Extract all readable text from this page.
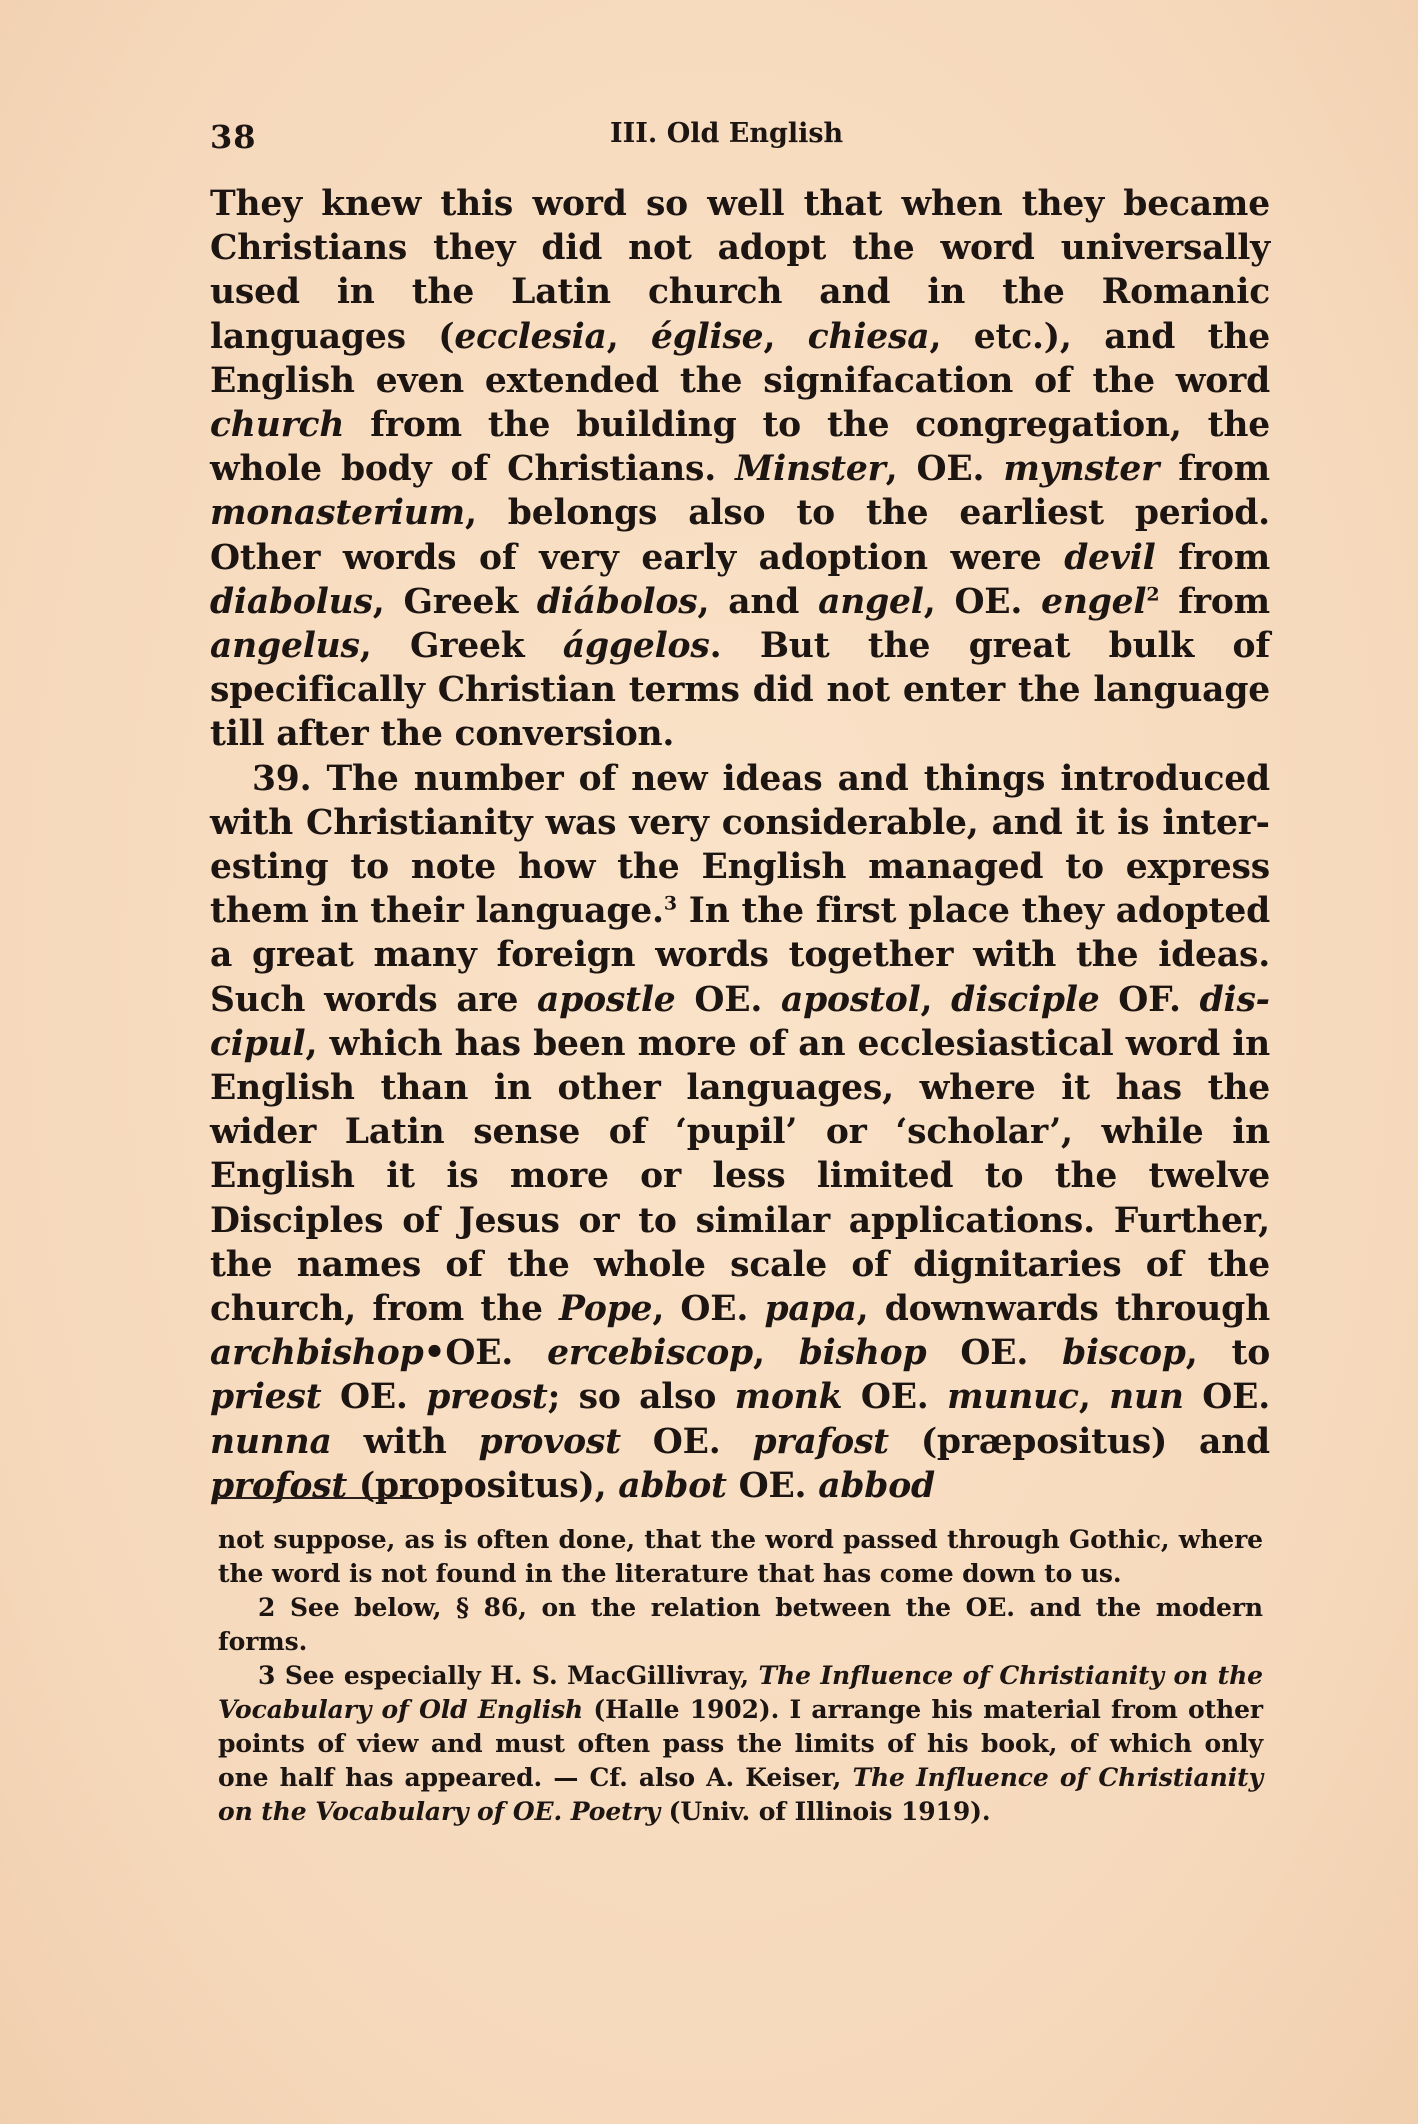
38	III. Old English

They knew this word so well that when they became Christians they did not adopt the word universally used in the Latin church and in the Romanic languages (ecclesia, église, chiesa, etc.), and the English even extended the signifacation of the word church from the building to the congregation, the whole body of Christians. Minster, OE. mynster from monasterium, belongs also to the earliest period. Other words of very early adoption were devil from diabolus, Greek diábolos, and angel, OE. engel$^2$ from angelus, Greek ággelos. But the great bulk of specifically Christian terms did not enter the language till after the conversion.

39. The number of new ideas and things introduced with Christianity was very considerable, and it is interesting to note how the English managed to express them in their language.$^3$ In the first place they adopted a great many foreign words together with the ideas. Such words are apostle OE. apostol, disciple OF. discipul, which has been more of an ecclesiastical word in English than in other languages, where it has the wider Latin sense of ‘pupil’ or ‘scholar’, while in English it is more or less limited to the twelve Disciples of Jesus or to similar applications. Further, the names of the whole scale of dignitaries of the church, from the Pope, OE. papa, downwards through archbishop•OE. ercebiscop, bishop OE. biscop, to priest OE. preost; so also monk OE. munuc, nun OE. nunna with provost OE. prafost (præpositus) and profost (propositus), abbot OE. abbod

not suppose, as is often done, that the word passed through Gothic, where the word is not found in the literature that has come down to us.

2 See below, § 86, on the relation between the OE. and the modern forms.

3 See especially H. S. MacGillivray, The Influence of Christianity on the Vocabulary of Old English (Halle 1902). I arrange his material from other points of view and must often pass the limits of his book, of which only one half has appeared. — Cf. also A. Keiser, The Influence of Christianity on the Vocabulary of OE. Poetry (Univ. of Illinois 1919).
